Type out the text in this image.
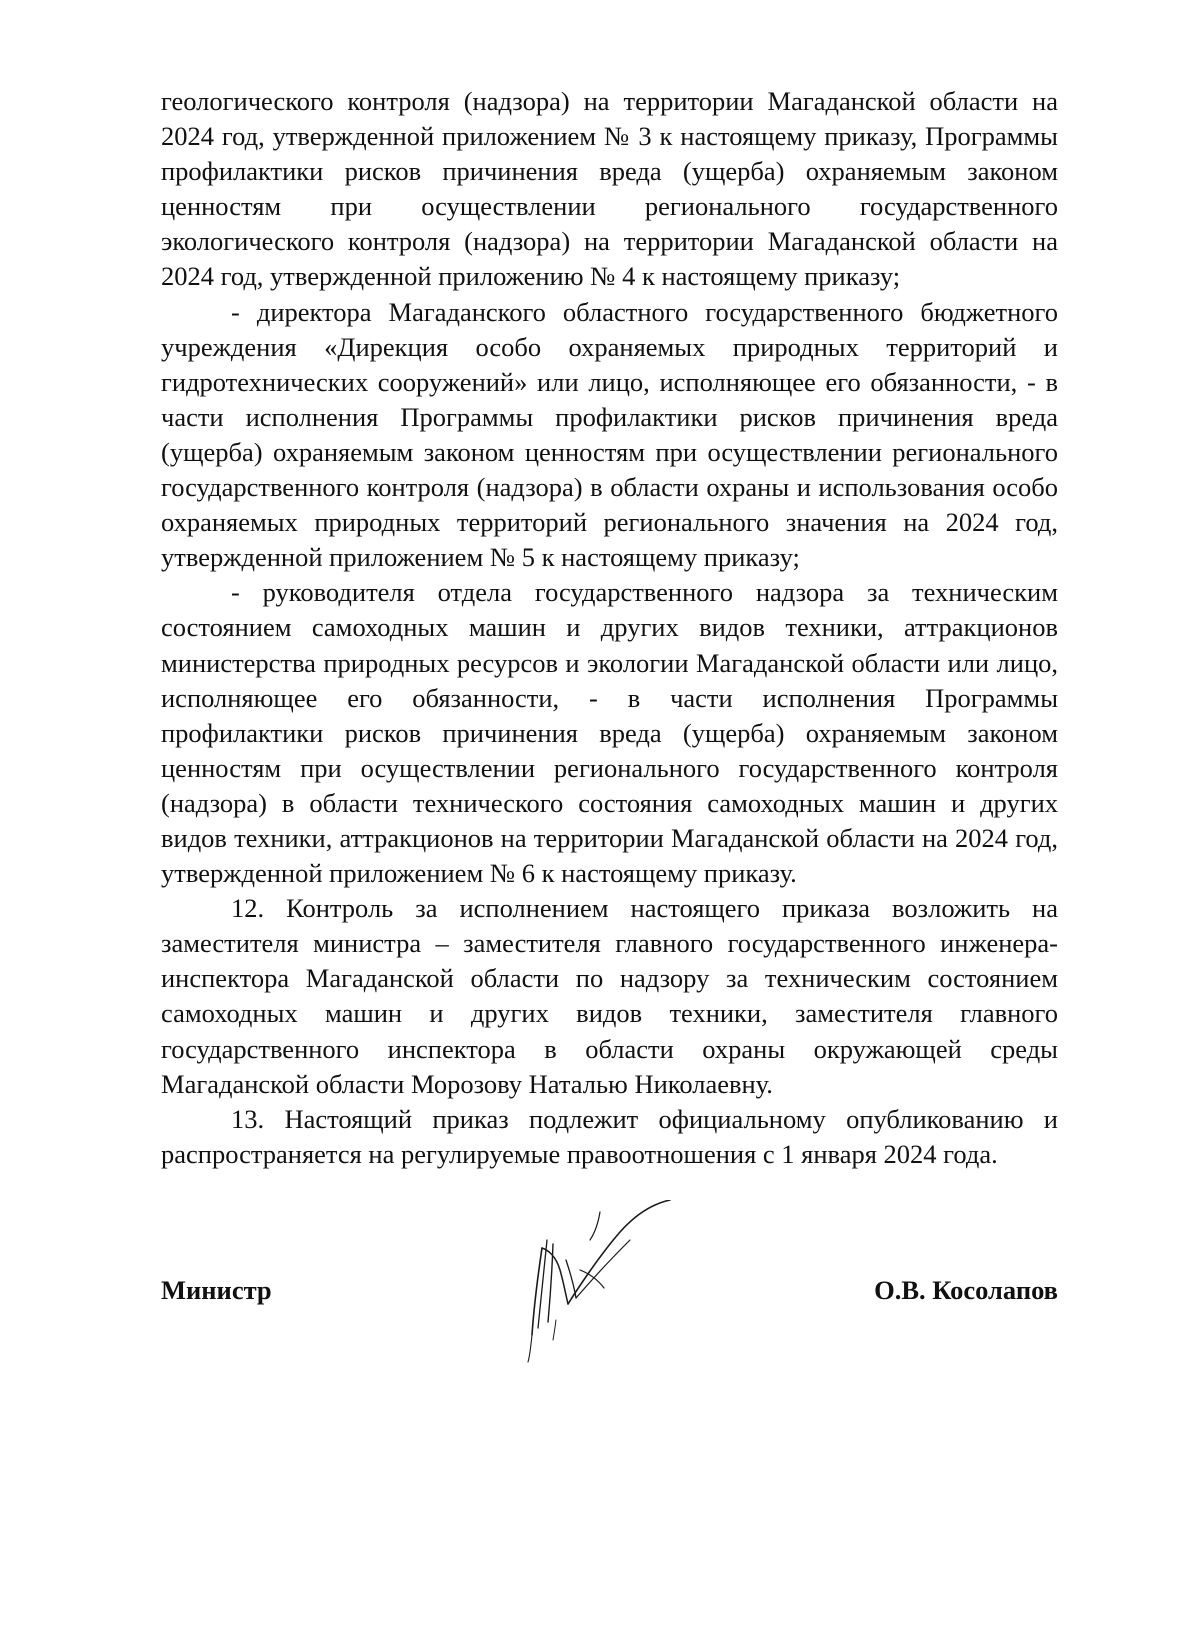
геологического контроля (надзора) на территории Магаданской области на 2024 год, утвержденной приложением № 3 к настоящему приказу, Программы профилактики рисков причинения вреда (ущерба) охраняемым законом ценностям при осуществлении регионального государственного экологического контроля (надзора) на территории Магаданской области на 2024 год, утвержденной приложению № 4 к настоящему приказу;

- директора Магаданского областного государственного бюджетного учреждения «Дирекция особо охраняемых природных территорий и гидротехнических сооружений» или лицо, исполняющее его обязанности, - в части исполнения Программы профилактики рисков причинения вреда (ущерба) охраняемым законом ценностям при осуществлении регионального государственного контроля (надзора) в области охраны и использования особо охраняемых природных территорий регионального значения на 2024 год, утвержденной приложением № 5 к настоящему приказу;

- руководителя отдела государственного надзора за техническим состоянием самоходных машин и других видов техники, аттракционов министерства природных ресурсов и экологии Магаданской области или лицо, исполняющее его обязанности, - в части исполнения Программы профилактики рисков причинения вреда (ущерба) охраняемым законом ценностям при осуществлении регионального государственного контроля (надзора) в области технического состояния самоходных машин и других видов техники, аттракционов на территории Магаданской области на 2024 год, утвержденной приложением № 6 к настоящему приказу.

12. Контроль за исполнением настоящего приказа возложить на заместителя министра – заместителя главного государственного инженера-инспектора Магаданской области по надзору за техническим состоянием самоходных машин и других видов техники, заместителя главного государственного инспектора в области охраны окружающей среды Магаданской области Морозову Наталью Николаевну.

13. Настоящий приказ подлежит официальному опубликованию и распространяется на регулируемые правоотношения с 1 января 2024 года.

Министр	О.В. Косолапов
